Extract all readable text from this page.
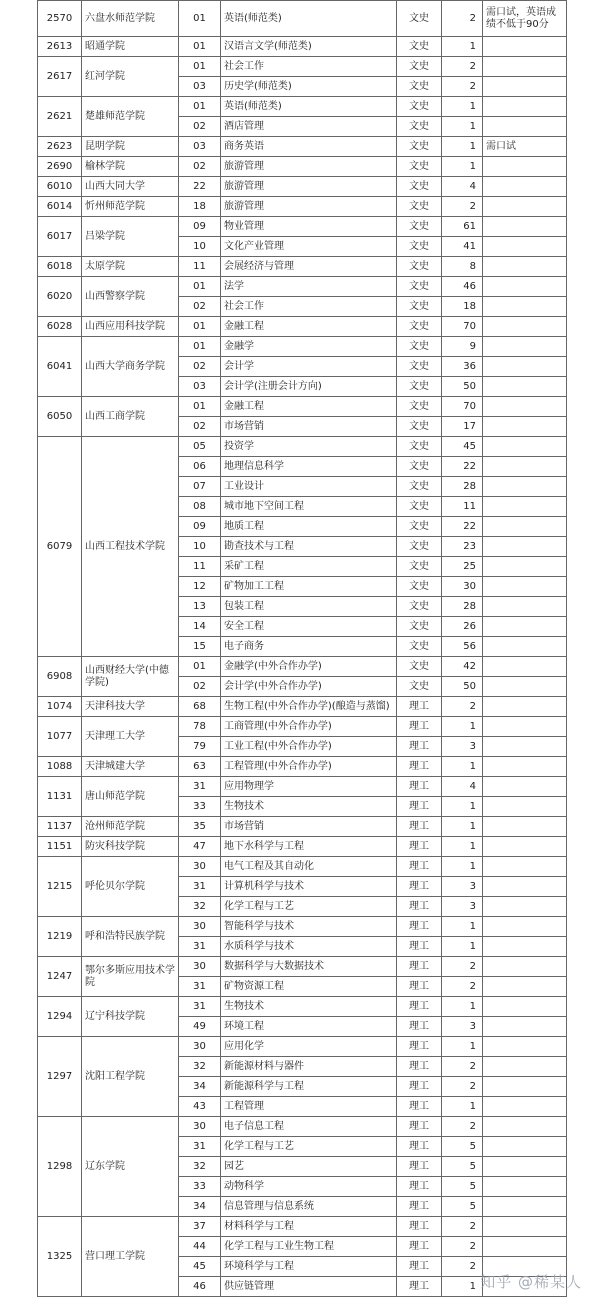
2570	六盘水师范学院	01	英语(师范类)	文史	2	需口试，英语成绩不低于90分
2613	昭通学院	01	汉语言文学(师范类)	文史	1	
2617	红河学院	01	社会工作	文史	2	
		03	历史学(师范类)	文史	2	
2621	楚雄师范学院	01	英语(师范类)	文史	1	
		02	酒店管理	文史	1	
2623	昆明学院	03	商务英语	文史	1	需口试
2690	榆林学院	02	旅游管理	文史	1	
6010	山西大同大学	22	旅游管理	文史	4	
6014	忻州师范学院	18	旅游管理	文史	2	
6017	吕梁学院	09	物业管理	文史	61	
		10	文化产业管理	文史	41	
6018	太原学院	11	会展经济与管理	文史	8	
6020	山西警察学院	01	法学	文史	46	
		02	社会工作	文史	18	
6028	山西应用科技学院	01	金融工程	文史	70	
6041	山西大学商务学院	01	金融学	文史	9	
		02	会计学	文史	36	
		03	会计学(注册会计方向)	文史	50	
6050	山西工商学院	01	金融工程	文史	70	
		02	市场营销	文史	17	
6079	山西工程技术学院	05	投资学	文史	45	
		06	地理信息科学	文史	22	
		07	工业设计	文史	28	
		08	城市地下空间工程	文史	11	
		09	地质工程	文史	22	
		10	勘查技术与工程	文史	23	
		11	采矿工程	文史	25	
		12	矿物加工工程	文史	30	
		13	包装工程	文史	28	
		14	安全工程	文史	26	
		15	电子商务	文史	56	
6908	山西财经大学(中德学院)	01	金融学(中外合作办学)	文史	42	
		02	会计学(中外合作办学)	文史	50	
1074	天津科技大学	68	生物工程(中外合作办学)(酿造与蒸馏)	理工	2	
1077	天津理工大学	78	工商管理(中外合作办学)	理工	1	
		79	工业工程(中外合作办学)	理工	3	
1088	天津城建大学	63	工程管理(中外合作办学)	理工	1	
1131	唐山师范学院	31	应用物理学	理工	4	
		33	生物技术	理工	1	
1137	沧州师范学院	35	市场营销	理工	1	
1151	防灾科技学院	47	地下水科学与工程	理工	1	
1215	呼伦贝尔学院	30	电气工程及其自动化	理工	1	
		31	计算机科学与技术	理工	3	
		32	化学工程与工艺	理工	3	
1219	呼和浩特民族学院	30	智能科学与技术	理工	1	
		31	水质科学与技术	理工	1	
1247	鄂尔多斯应用技术学院	30	数据科学与大数据技术	理工	2	
		31	矿物资源工程	理工	2	
1294	辽宁科技学院	31	生物技术	理工	1	
		49	环境工程	理工	3	
1297	沈阳工程学院	30	应用化学	理工	1	
		32	新能源材料与器件	理工	2	
		34	新能源科学与工程	理工	2	
		43	工程管理	理工	1	
1298	辽东学院	30	电子信息工程	理工	2	
		31	化学工程与工艺	理工	5	
		32	园艺	理工	5	
		33	动物科学	理工	5	
		34	信息管理与信息系统	理工	5	
1325	营口理工学院	37	材料科学与工程	理工	2	
		44	化学工程与工业生物工程	理工	2	
		45	环境科学与工程	理工	2	
		46	供应链管理	理工	1	知乎 @稀某人
